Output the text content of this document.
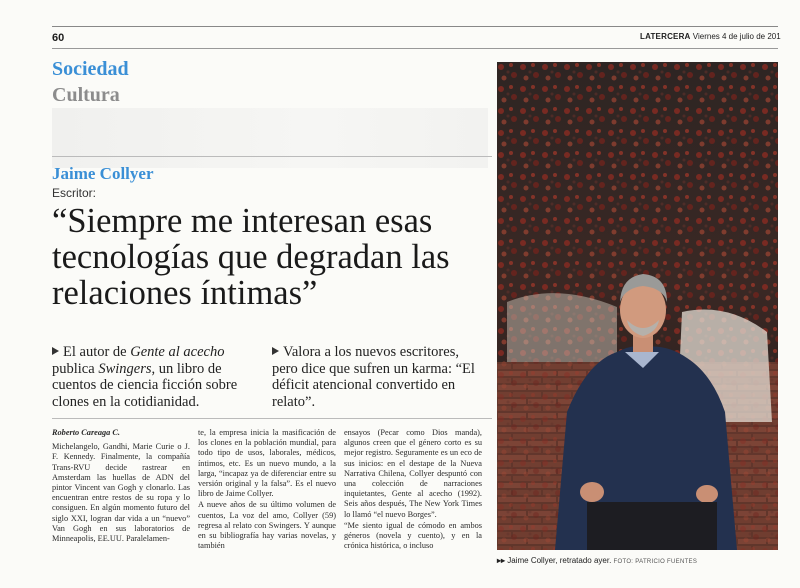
60	LATERCERA Viernes 4 de julio de 201
Sociedad
Cultura
Jaime Collyer
Escritor:
“Siempre me interesan esas tecnologías que degradan las relaciones íntimas”
El autor de Gente al acecho publica Swingers, un libro de cuentos de ciencia ficción sobre clones en la cotidianidad.
Valora a los nuevos escritores, pero dice que sufren un karma: “El déficit atencional convertido en relato”.
Roberto Careaga C.

Michelangelo, Gandhi, Marie Curie o J. F. Kennedy. Finalmente, la compañía Trans-RVU decide rastrear en Amsterdam las huellas de ADN del pintor Vincent van Gogh y clonarlo. Las encuentran entre restos de su ropa y lo consiguen. En algún momento futuro del siglo XXI, logran dar vida a un “nuevo” Van Gogh en sus laboratorios de Minneapolis, EE.UU. Paralelamen-

te, la empresa inicia la masificación de los clones en la población mundial, para todo tipo de usos, laborales, médicos, íntimos, etc. Es un nuevo mundo, a la larga, “incapaz ya de diferenciar entre su versión original y la falsa”. Es el nuevo libro de Jaime Collyer.

A nueve años de su último volumen de cuentos, La voz del amo, Collyer (59) regresa al relato con Swingers. Y aunque en su bibliografía hay varias novelas, y también

ensayos (Pecar como Dios manda), algunos creen que el género corto es su mejor registro. Seguramente es un eco de sus inicios: en el destape de la Nueva Narrativa Chilena, Collyer despuntó con una colección de narraciones inquietantes, Gente al acecho (1992). Seis años después, The New York Times lo llamó “el nuevo Borges”.

“Me siento igual de cómodo en ambos géneros (novela y cuento), y en la crónica histórica, o incluso

▸▸ Jaime Collyer, retratado ayer. FOTO: PATRICIO FUENTES
